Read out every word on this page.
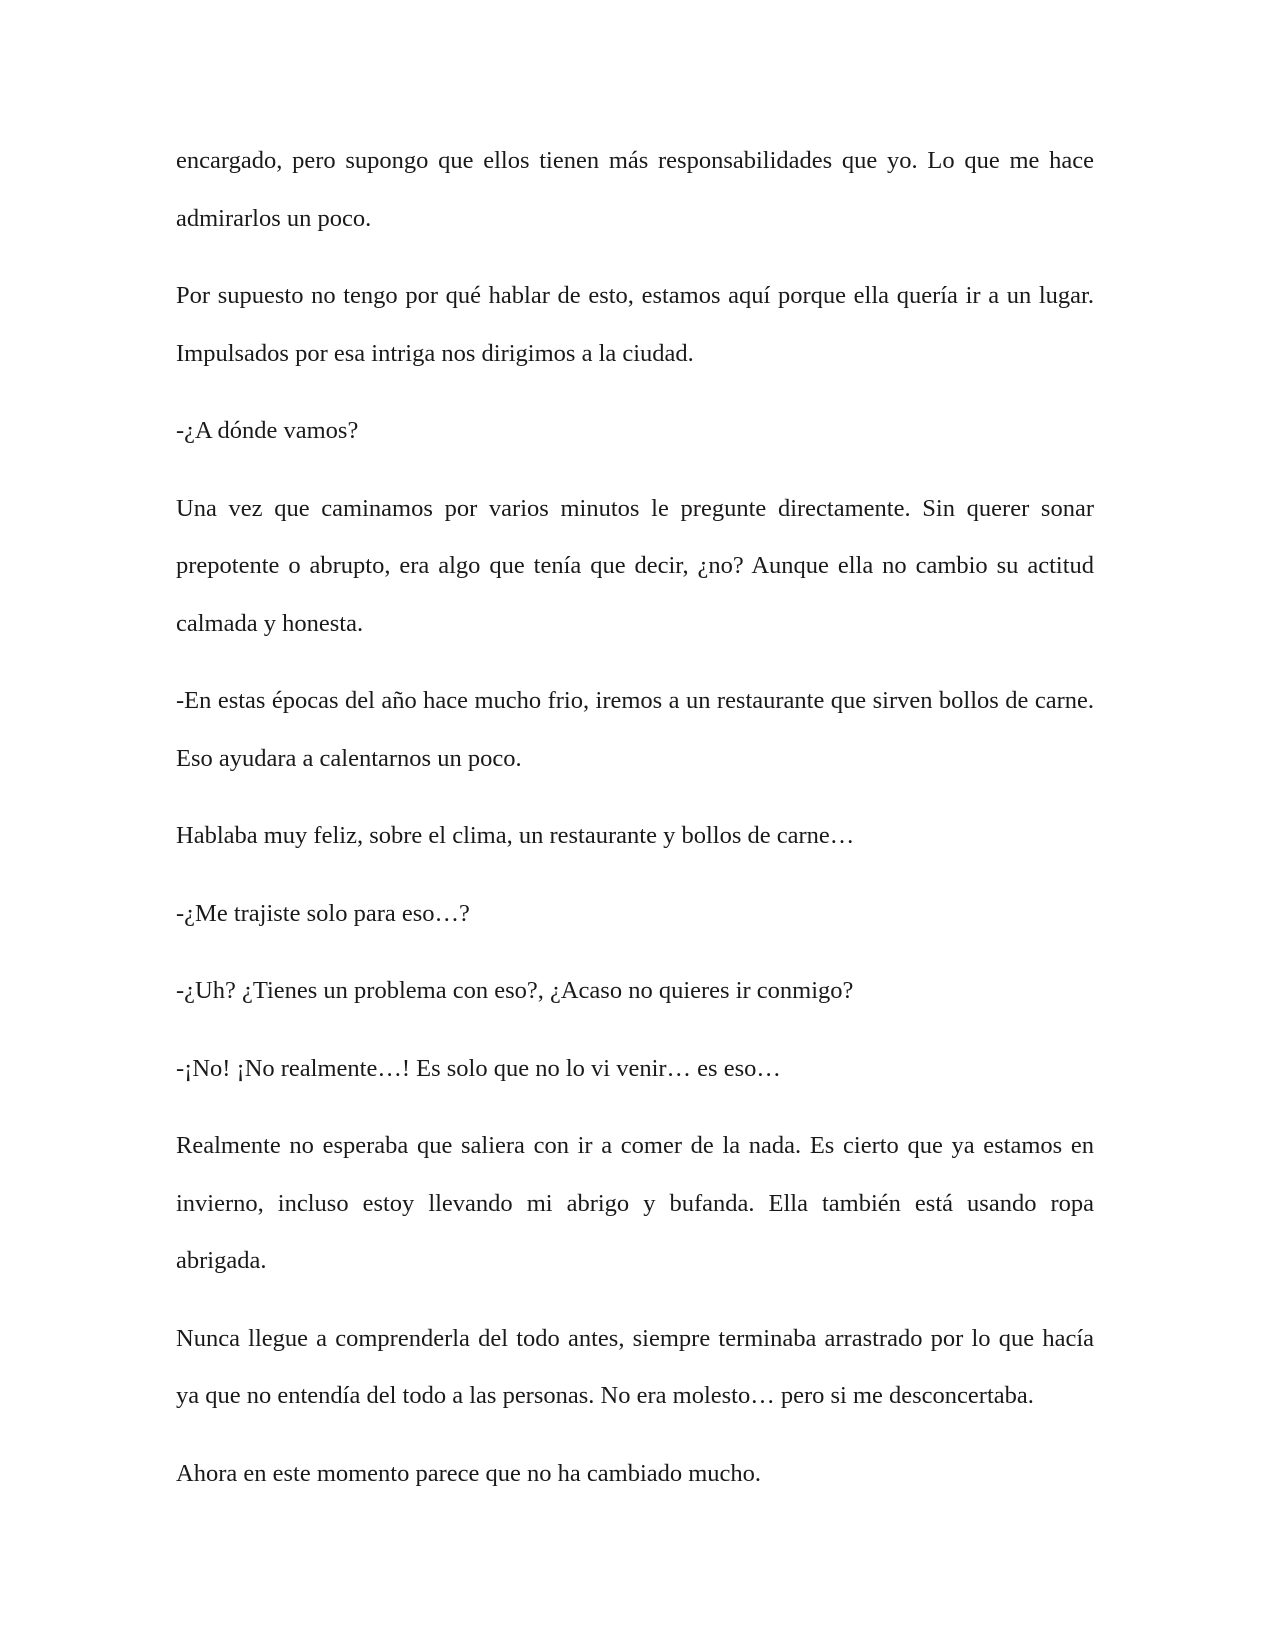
encargado, pero supongo que ellos tienen más responsabilidades que yo. Lo que me hace admirarlos un poco.

Por supuesto no tengo por qué hablar de esto, estamos aquí porque ella quería ir a un lugar. Impulsados por esa intriga nos dirigimos a la ciudad.

-¿A dónde vamos?

Una vez que caminamos por varios minutos le pregunte directamente. Sin querer sonar prepotente o abrupto, era algo que tenía que decir, ¿no? Aunque ella no cambio su actitud calmada y honesta.

-En estas épocas del año hace mucho frio, iremos a un restaurante que sirven bollos de carne. Eso ayudara a calentarnos un poco.

Hablaba muy feliz, sobre el clima, un restaurante y bollos de carne…

-¿Me trajiste solo para eso…?

-¿Uh? ¿Tienes un problema con eso?, ¿Acaso no quieres ir conmigo?

-¡No! ¡No realmente…! Es solo que no lo vi venir… es eso…

Realmente no esperaba que saliera con ir a comer de la nada. Es cierto que ya estamos en invierno, incluso estoy llevando mi abrigo y bufanda. Ella también está usando ropa abrigada.

Nunca llegue a comprenderla del todo antes, siempre terminaba arrastrado por lo que hacía ya que no entendía del todo a las personas. No era molesto… pero si me desconcertaba.

Ahora en este momento parece que no ha cambiado mucho.
